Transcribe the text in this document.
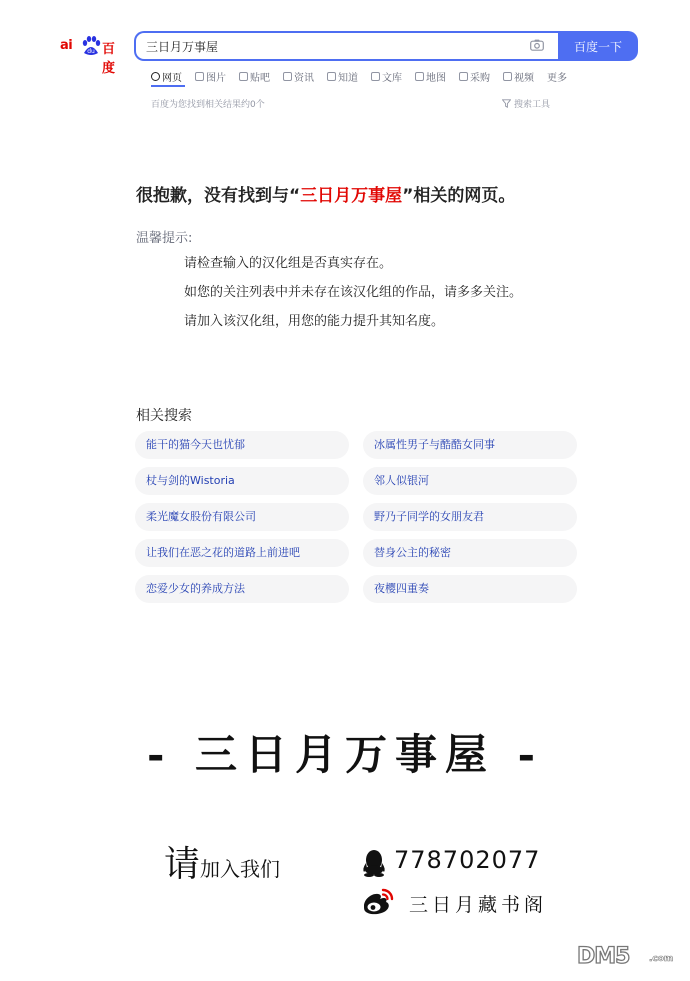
ai du 百度
三日月万事屋
百度一下
网页 图片 贴吧 资讯 知道 文库 地图 采购 视频 更多
百度为您找到相关结果约0个	搜索工具
很抱歉，没有找到与“三日月万事屋”相关的网页。
温馨提示:
请检查输入的汉化组是否真实存在。
如您的关注列表中并未存在该汉化组的作品，请多多关注。
请加入该汉化组，用您的能力提升其知名度。
相关搜索
能干的猫今天也忧郁	冰属性男子与酷酷女同事
杖与剑的Wistoria	邻人似银河
柔光魔女股份有限公司	野乃子同学的女朋友君
让我们在恶之花的道路上前进吧	替身公主的秘密
恋爱少女的养成方法	夜樱四重奏
- 三日月万事屋 -
请加入我们	778702077
三日月藏书阁
DM5 .com
